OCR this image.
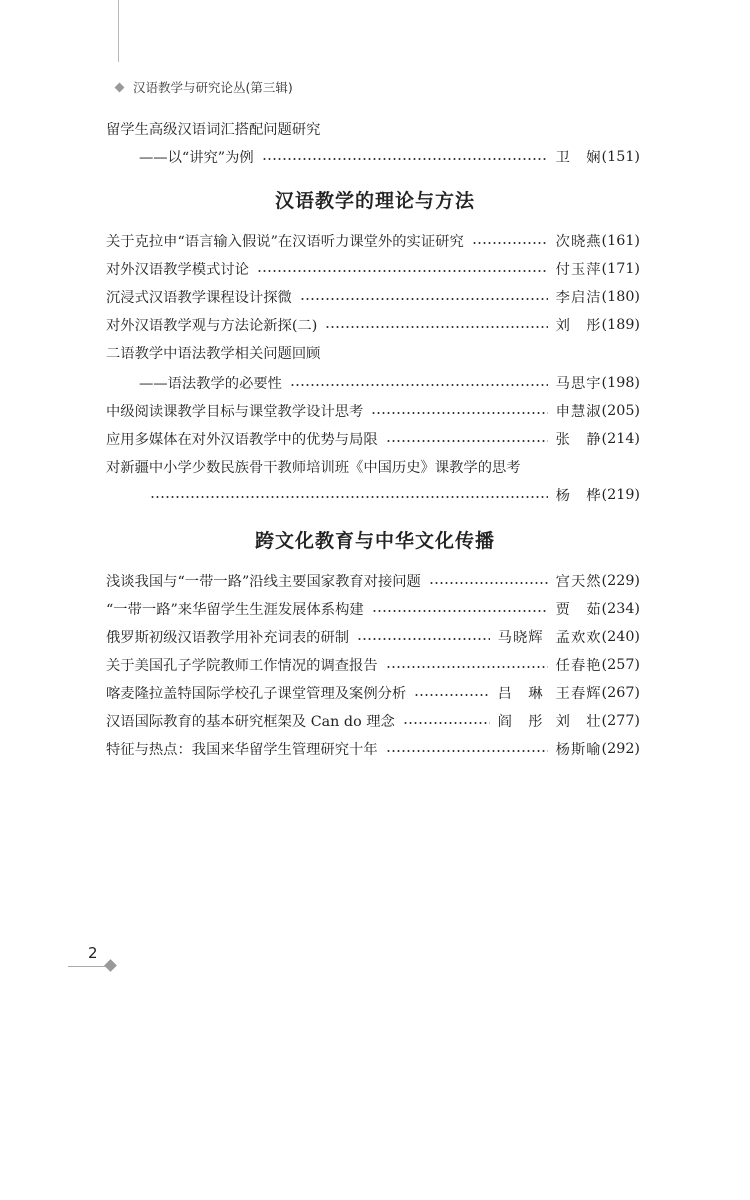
汉语教学与研究论丛(第三辑)
留学生高级汉语词汇搭配问题研究
——以“讲究”为例	卫　娴 (151)
汉语教学的理论与方法
关于克拉申“语言输入假说”在汉语听力课堂外的实证研究	次晓燕 (161)
对外汉语教学模式讨论	付玉萍 (171)
沉浸式汉语教学课程设计探微	李启洁 (180)
对外汉语教学观与方法论新探(二)	刘　彤 (189)
二语教学中语法教学相关问题回顾
——语法教学的必要性	马思宇 (198)
中级阅读课教学目标与课堂教学设计思考	申慧淑 (205)
应用多媒体在对外汉语教学中的优势与局限	张　静 (214)
对新疆中小学少数民族骨干教师培训班《中国历史》课教学的思考
杨　桦 (219)
跨文化教育与中华文化传播
浅谈我国与“一带一路”沿线主要国家教育对接问题	宫天然 (229)
“一带一路”来华留学生生涯发展体系构建	贾　茹 (234)
俄罗斯初级汉语教学用补充词表的研制	马晓辉 孟欢欢 (240)
关于美国孔子学院教师工作情况的调查报告	任春艳 (257)
喀麦隆拉盖特国际学校孔子课堂管理及案例分析	吕　琳 王春辉 (267)
汉语国际教育的基本研究框架及 Can do 理念	阎　彤 刘　壮 (277)
特征与热点：我国来华留学生管理研究十年	杨斯喻 (292)
2
